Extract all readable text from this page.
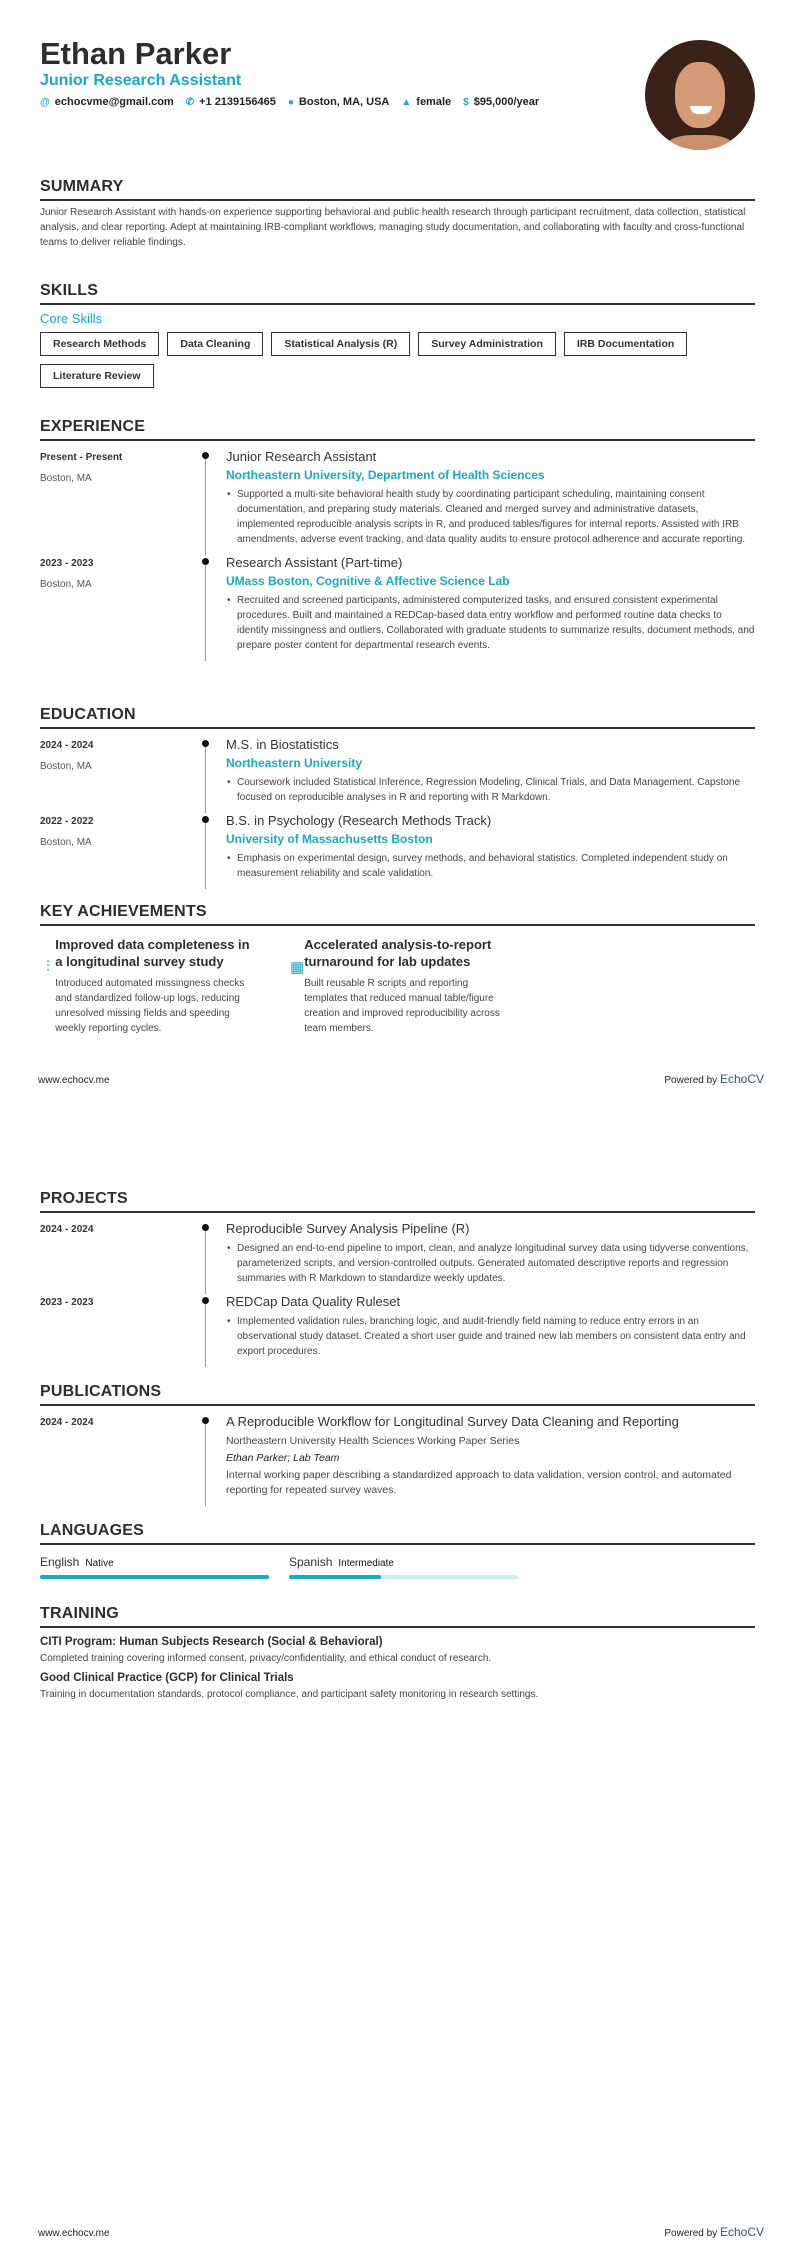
Ethan Parker
Junior Research Assistant
@ echocvme@gmail.com ✆ +1 2139156465 ● Boston, MA, USA ▲ female $ $95,000/year
SUMMARY

Junior Research Assistant with hands-on experience supporting behavioral and public health research through participant recruitment, data collection, statistical analysis, and clear reporting. Adept at maintaining IRB-compliant workflows, managing study documentation, and collaborating with faculty and cross-functional teams to deliver reliable findings.

SKILLS
Core Skills
Research Methods	Data Cleaning	Statistical Analysis (R)	Survey Administration	IRB Documentation
Literature Review
EXPERIENCE
Present - Present
Boston, MA
Junior Research Assistant
Northeastern University, Department of Health Sciences
• Supported a multi-site behavioral health study by coordinating participant scheduling, maintaining consent documentation, and preparing study materials. Cleaned and merged survey and administrative datasets, implemented reproducible analysis scripts in R, and produced tables/figures for internal reports. Assisted with IRB amendments, adverse event tracking, and data quality audits to ensure protocol adherence and accurate reporting.
2023 - 2023
Boston, MA
Research Assistant (Part-time)
UMass Boston, Cognitive & Affective Science Lab
• Recruited and screened participants, administered computerized tasks, and ensured consistent experimental procedures. Built and maintained a REDCap-based data entry workflow and performed routine data checks to identify missingness and outliers. Collaborated with graduate students to summarize results, document methods, and prepare poster content for departmental research events.
EDUCATION
2024 - 2024
Boston, MA
M.S. in Biostatistics
Northeastern University
• Coursework included Statistical Inference, Regression Modeling, Clinical Trials, and Data Management. Capstone focused on reproducible analyses in R and reporting with R Markdown.
2022 - 2022
Boston, MA
B.S. in Psychology (Research Methods Track)
University of Massachusetts Boston
• Emphasis on experimental design, survey methods, and behavioral statistics. Completed independent study on measurement reliability and scale validation.
KEY ACHIEVEMENTS
⫶
Improved data completeness in a longitudinal survey study
Introduced automated missingness checks and standardized follow-up logs, reducing unresolved missing fields and speeding weekly reporting cycles.
▦
Accelerated analysis-to-report turnaround for lab updates
Built reusable R scripts and reporting templates that reduced manual table/figure creation and improved reproducibility across team members.
www.echocv.me	Powered by EchoCV
PROJECTS
2024 - 2024	Reproducible Survey Analysis Pipeline (R)
• Designed an end-to-end pipeline to import, clean, and analyze longitudinal survey data using tidyverse conventions, parameterized scripts, and version-controlled outputs. Generated automated descriptive reports and regression summaries with R Markdown to standardize weekly updates.
2023 - 2023	REDCap Data Quality Ruleset
• Implemented validation rules, branching logic, and audit-friendly field naming to reduce entry errors in an observational study dataset. Created a short user guide and trained new lab members on consistent data entry and export procedures.
PUBLICATIONS
2024 - 2024	A Reproducible Workflow for Longitudinal Survey Data Cleaning and Reporting
Northeastern University Health Sciences Working Paper Series
Ethan Parker; Lab Team
Internal working paper describing a standardized approach to data validation, version control, and automated reporting for repeated survey waves.
LANGUAGES
English Native	Spanish Intermediate
TRAINING
CITI Program: Human Subjects Research (Social & Behavioral)
Completed training covering informed consent, privacy/confidentiality, and ethical conduct of research.
Good Clinical Practice (GCP) for Clinical Trials
Training in documentation standards, protocol compliance, and participant safety monitoring in research settings.
www.echocv.me	Powered by EchoCV
